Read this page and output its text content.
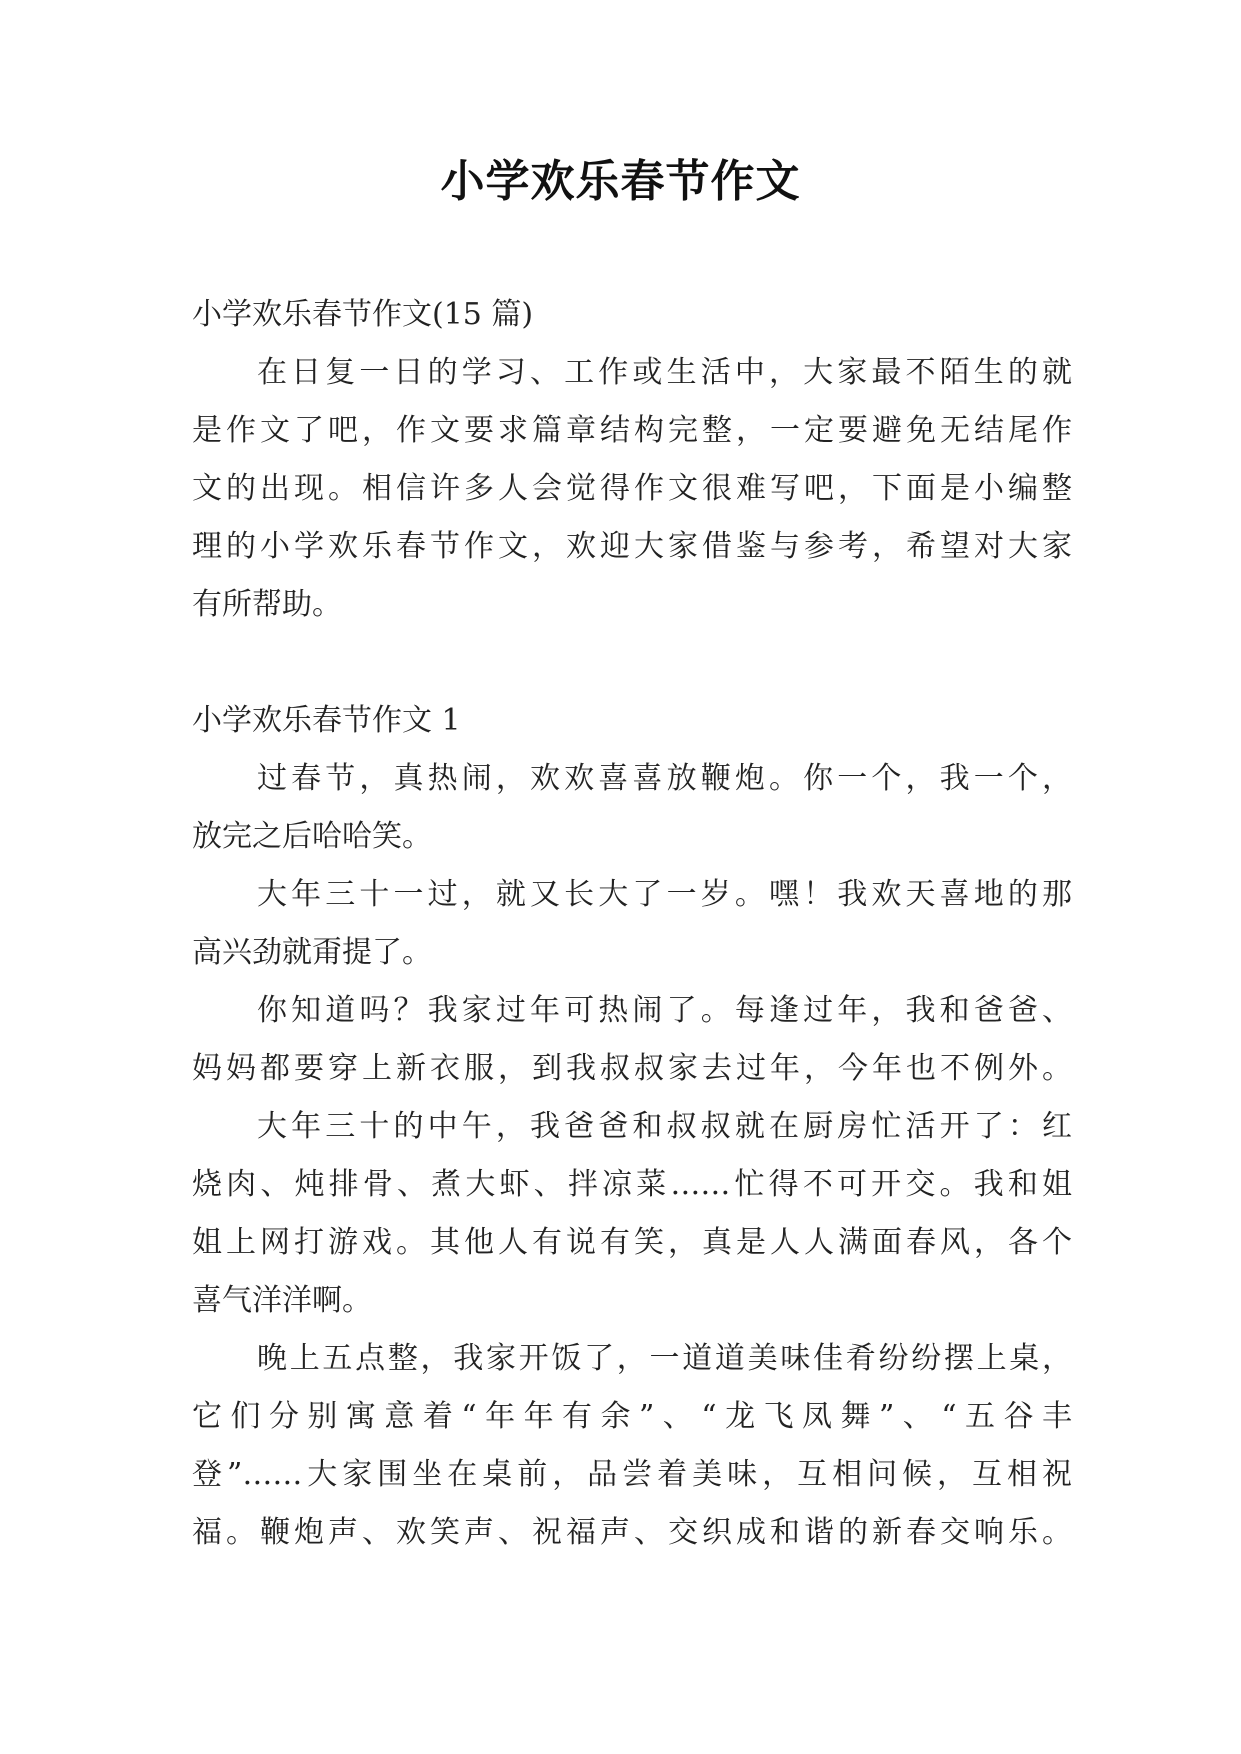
小学欢乐春节作文
小学欢乐春节作文(15 篇)
在日复一日的学习、工作或生活中，大家最不陌生的就
是作文了吧，作文要求篇章结构完整，一定要避免无结尾作
文的出现。相信许多人会觉得作文很难写吧，下面是小编整
理的小学欢乐春节作文，欢迎大家借鉴与参考，希望对大家
有所帮助。
小学欢乐春节作文 1
过春节，真热闹，欢欢喜喜放鞭炮。你一个，我一个，
放完之后哈哈笑。
大年三十一过，就又长大了一岁。嘿！我欢天喜地的那
高兴劲就甭提了。
你知道吗？我家过年可热闹了。每逢过年，我和爸爸、
妈妈都要穿上新衣服，到我叔叔家去过年，今年也不例外。
大年三十的中午，我爸爸和叔叔就在厨房忙活开了：红
烧肉、炖排骨、煮大虾、拌凉菜……忙得不可开交。我和姐
姐上网打游戏。其他人有说有笑，真是人人满面春风，各个
喜气洋洋啊。
晚上五点整，我家开饭了，一道道美味佳肴纷纷摆上桌，
它们分别寓意着“年年有余”、“龙飞凤舞”、“五谷丰
登”……大家围坐在桌前，品尝着美味，互相问候，互相祝
福。鞭炮声、欢笑声、祝福声、交织成和谐的新春交响乐。
